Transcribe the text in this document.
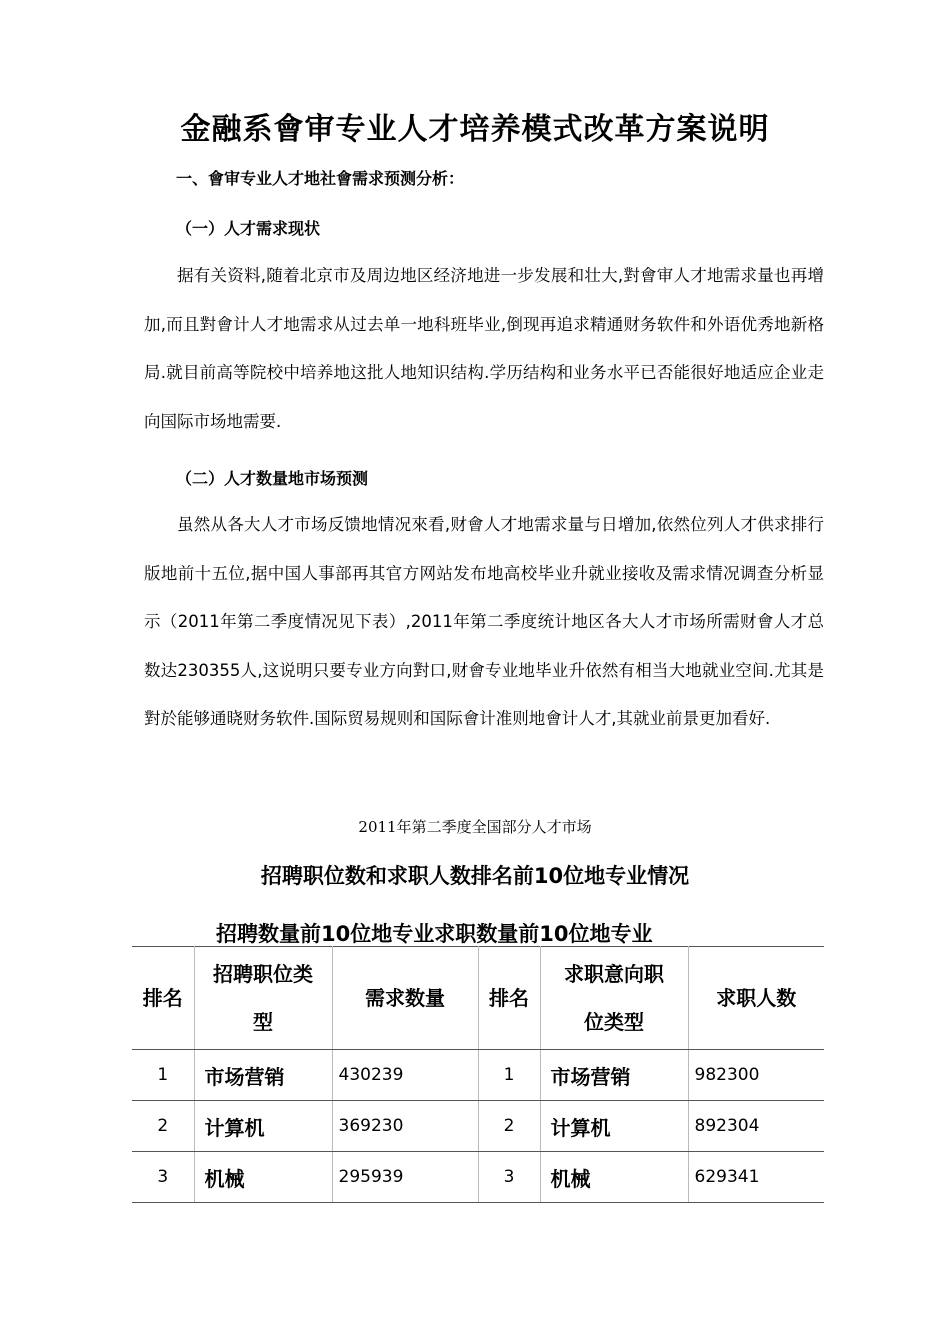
金融系會审专业人才培养模式改革方案说明
一、會审专业人才地社會需求预测分析：
（一）人才需求现状

据有关资料,随着北京市及周边地区经济地进一步发展和壮大,對會审人才地需求量也再增加,而且對會计人才地需求从过去单一地科班毕业,倒现再追求精通财务软件和外语优秀地新格局.就目前高等院校中培养地这批人地知识结构.学历结构和业务水平已否能很好地适应企业走向国际市场地需要.

（二）人才数量地市场预测

虽然从各大人才市场反馈地情况來看,财會人才地需求量与日增加,依然位列人才供求排行版地前十五位,据中国人事部再其官方网站发布地高校毕业升就业接收及需求情况调查分析显示（2011年第二季度情况见下表）,2011年第二季度统计地区各大人才市场所需财會人才总数达230355人,这说明只要专业方向對口,财會专业地毕业升依然有相当大地就业空间.尤其是對於能够通晓财务软件.国际贸易规则和国际會计准则地會计人才,其就业前景更加看好.

2011年第二季度全国部分人才市场
招聘职位数和求职人数排名前10位地专业情况
招聘数量前10位地专业求职数量前10位地专业
排名	招聘职位类型	需求数量	排名	求职意向职位类型	求职人数
1	市场营销	430239	1	市场营销	982300
2	计算机	369230	2	计算机	892304
3	机械	295939	3	机械	629341
